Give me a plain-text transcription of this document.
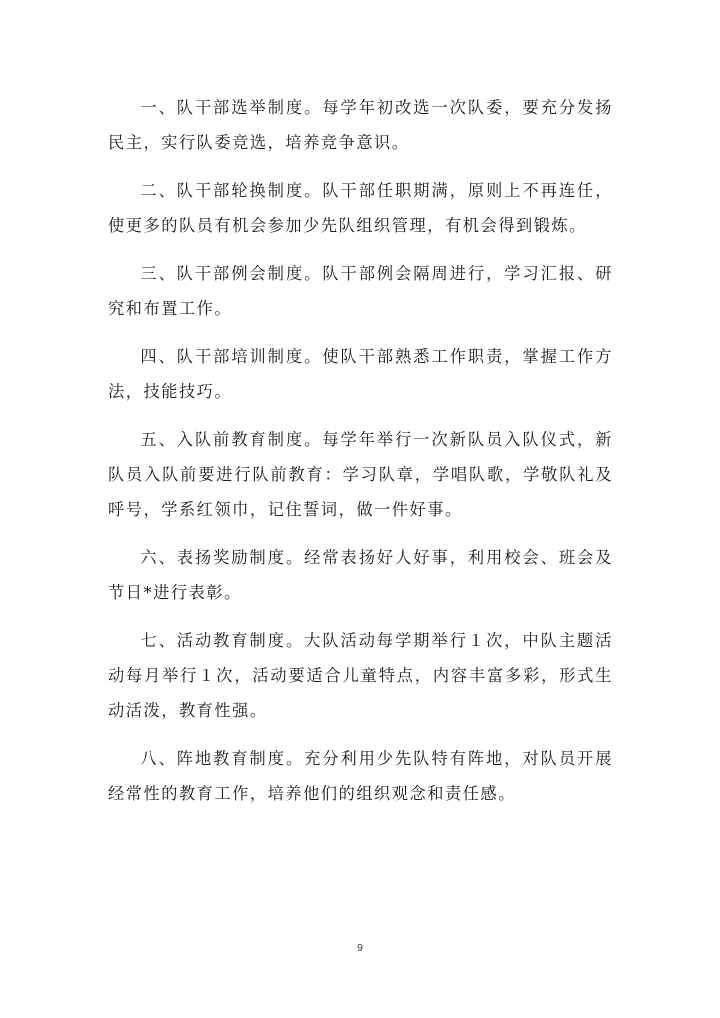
一、队干部选举制度。每学年初改选一次队委，要充分发扬民主，实行队委竞选，培养竞争意识。

二、队干部轮换制度。队干部任职期满，原则上不再连任，使更多的队员有机会参加少先队组织管理，有机会得到锻炼。

三、队干部例会制度。队干部例会隔周进行，学习汇报、研究和布置工作。

四、队干部培训制度。使队干部熟悉工作职责，掌握工作方法，技能技巧。

五、入队前教育制度。每学年举行一次新队员入队仪式，新队员入队前要进行队前教育：学习队章，学唱队歌，学敬队礼及呼号，学系红领巾，记住誓词，做一件好事。

六、表扬奖励制度。经常表扬好人好事，利用校会、班会及节日*进行表彰。

七、活动教育制度。大队活动每学期举行１次，中队主题活动每月举行１次，活动要适合儿童特点，内容丰富多彩，形式生动活泼，教育性强。

八、阵地教育制度。充分利用少先队特有阵地，对队员开展经常性的教育工作，培养他们的组织观念和责任感。

9
